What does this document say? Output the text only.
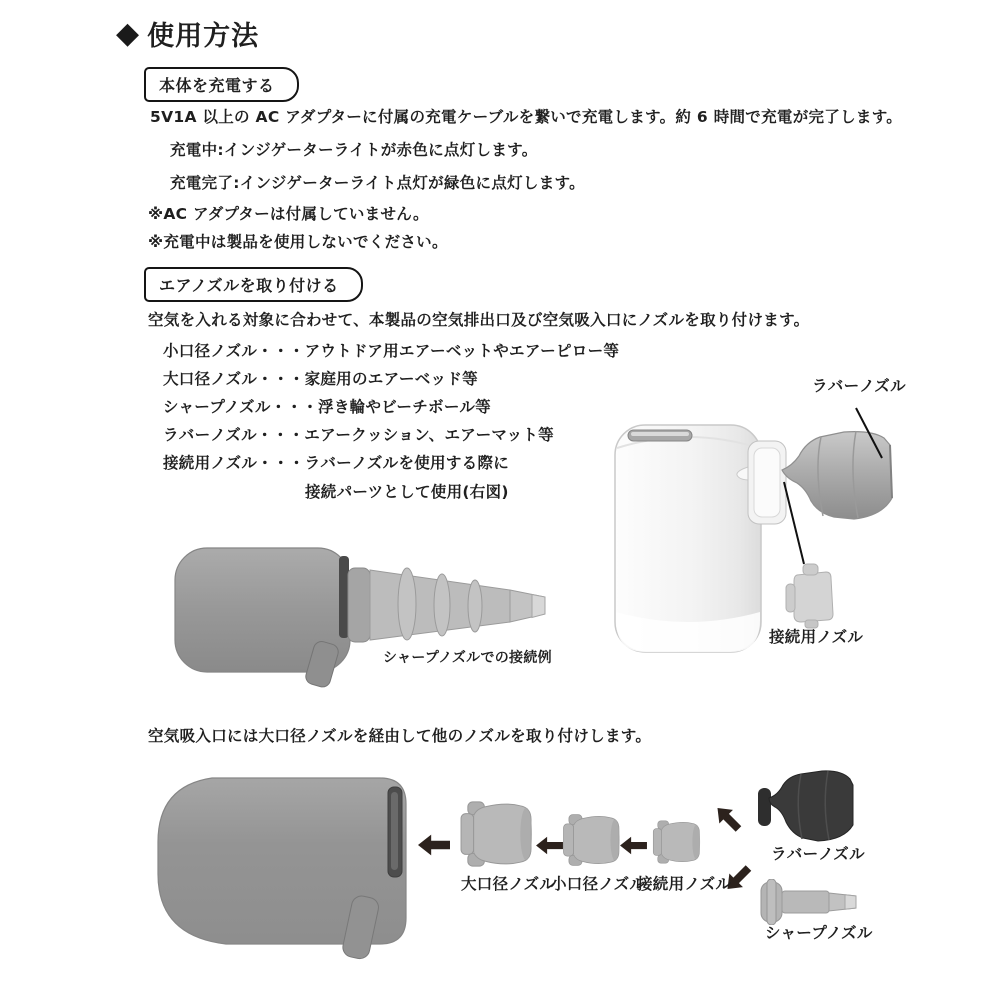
◆ 使用方法
本体を充電する
5V1A 以上の AC アダプターに付属の充電ケーブルを繋いで充電します。約 6 時間で充電が完了します。
充電中:インジゲーターライトが赤色に点灯します。
充電完了:インジゲーターライト点灯が緑色に点灯します。
※AC アダプターは付属していません。
※充電中は製品を使用しないでください。
エアノズルを取り付ける
空気を入れる対象に合わせて、本製品の空気排出口及び空気吸入口にノズルを取り付けます。
小口径ノズル・・・アウトドア用エアーベットやエアーピロー等
大口径ノズル・・・家庭用のエアーベッド等
シャープノズル・・・浮き輪やビーチボール等
ラバーノズル・・・エアークッション、エアーマット等
接続用ノズル・・・ラバーノズルを使用する際に
接続パーツとして使用(右図)
ラバーノズル
接続用ノズル
シャープノズルでの接続例
空気吸入口には大口径ノズルを経由して他のノズルを取り付けします。
大口径ノズル
小口径ノズル
接続用ノズル
ラバーノズル
シャープノズル
